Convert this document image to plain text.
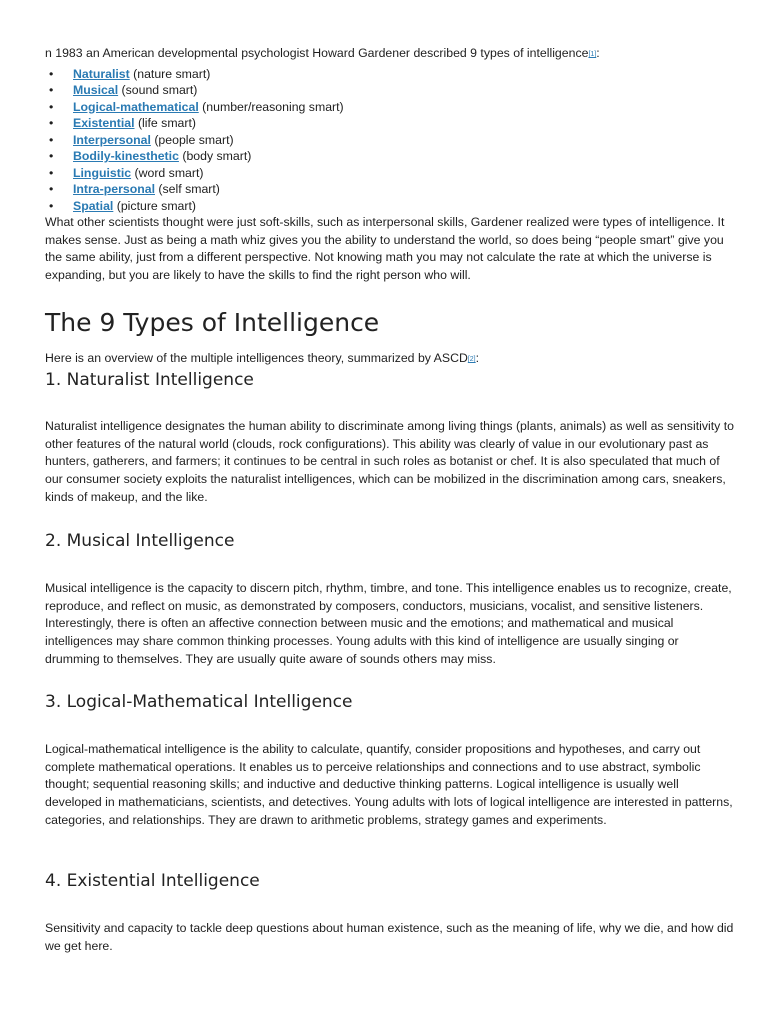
n 1983 an American developmental psychologist Howard Gardener described 9 types of intelligence[1]:
• Naturalist (nature smart)
• Musical (sound smart)
• Logical-mathematical (number/reasoning smart)
• Existential (life smart)
• Interpersonal (people smart)
• Bodily-kinesthetic (body smart)
• Linguistic (word smart)
• Intra-personal (self smart)
• Spatial (picture smart)

What other scientists thought were just soft-skills, such as interpersonal skills, Gardener realized were types of intelligence. It makes sense. Just as being a math whiz gives you the ability to understand the world, so does being “people smart” give you the same ability, just from a different perspective. Not knowing math you may not calculate the rate at which the universe is expanding, but you are likely to have the skills to find the right person who will.

The 9 Types of Intelligence
Here is an overview of the multiple intelligences theory, summarized by ASCD[2]:
1. Naturalist Intelligence

Naturalist intelligence designates the human ability to discriminate among living things (plants, animals) as well as sensitivity to other features of the natural world (clouds, rock configurations). This ability was clearly of value in our evolutionary past as hunters, gatherers, and farmers; it continues to be central in such roles as botanist or chef. It is also speculated that much of our consumer society exploits the naturalist intelligences, which can be mobilized in the discrimination among cars, sneakers, kinds of makeup, and the like.

2. Musical Intelligence

Musical intelligence is the capacity to discern pitch, rhythm, timbre, and tone. This intelligence enables us to recognize, create, reproduce, and reflect on music, as demonstrated by composers, conductors, musicians, vocalist, and sensitive listeners. Interestingly, there is often an affective connection between music and the emotions; and mathematical and musical intelligences may share common thinking processes. Young adults with this kind of intelligence are usually singing or drumming to themselves. They are usually quite aware of sounds others may miss.

3. Logical-Mathematical Intelligence

Logical-mathematical intelligence is the ability to calculate, quantify, consider propositions and hypotheses, and carry out complete mathematical operations. It enables us to perceive relationships and connections and to use abstract, symbolic thought; sequential reasoning skills; and inductive and deductive thinking patterns. Logical intelligence is usually well developed in mathematicians, scientists, and detectives. Young adults with lots of logical intelligence are interested in patterns, categories, and relationships. They are drawn to arithmetic problems, strategy games and experiments.

4. Existential Intelligence

Sensitivity and capacity to tackle deep questions about human existence, such as the meaning of life, why we die, and how did we get here.
